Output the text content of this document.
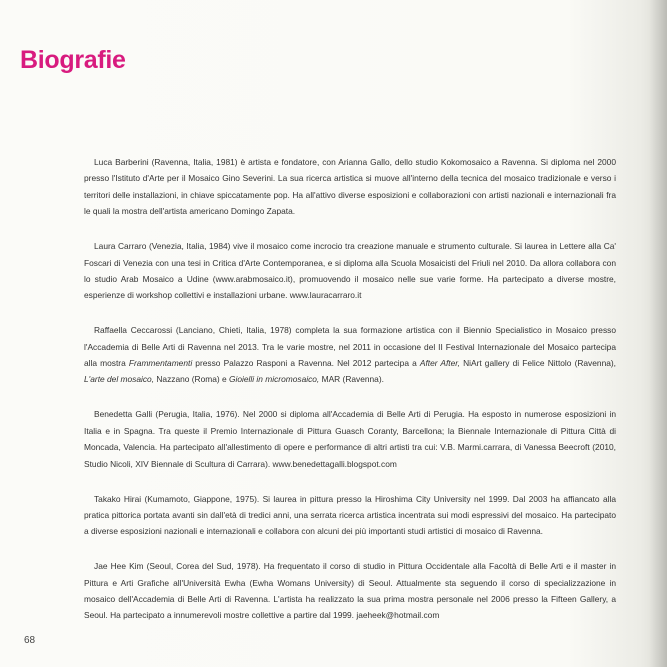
Biografie

Luca Barberini (Ravenna, Italia, 1981) è artista e fondatore, con Arianna Gallo, dello studio Kokomosaico a Ravenna. Si diploma nel 2000 presso l'Istituto d'Arte per il Mosaico Gino Severini. La sua ricerca artistica si muove all'interno della tecnica del mosaico tradizionale e verso i territori delle installazioni, in chiave spiccatamente pop. Ha all'attivo diverse esposizioni e collaborazioni con artisti nazionali e internazionali fra le quali la mostra dell'artista americano Domingo Zapata.

Laura Carraro (Venezia, Italia, 1984) vive il mosaico come incrocio tra creazione manuale e strumento culturale. Si laurea in Lettere alla Ca' Foscari di Venezia con una tesi in Critica d'Arte Contemporanea, e si diploma alla Scuola Mosaicisti del Friuli nel 2010. Da allora collabora con lo studio Arab Mosaico a Udine (www.arabmosaico.it), promuovendo il mosaico nelle sue varie forme. Ha partecipato a diverse mostre, esperienze di workshop collettivi e installazioni urbane. www.lauracarraro.it

Raffaella Ceccarossi (Lanciano, Chieti, Italia, 1978) completa la sua formazione artistica con il Biennio Specialistico in Mosaico presso l'Accademia di Belle Arti di Ravenna nel 2013. Tra le varie mostre, nel 2011 in occasione del II Festival Internazionale del Mosaico partecipa alla mostra Frammentamenti presso Palazzo Rasponi a Ravenna. Nel 2012 partecipa a After After, NiArt gallery di Felice Nittolo (Ravenna), L'arte del mosaico, Nazzano (Roma) e Gioielli in micromosaico, MAR (Ravenna).

Benedetta Galli (Perugia, Italia, 1976). Nel 2000 si diploma all'Accademia di Belle Arti di Perugia. Ha esposto in numerose esposizioni in Italia e in Spagna. Tra queste il Premio Internazionale di Pittura Guasch Coranty, Barcellona; la Biennale Internazionale di Pittura Città di Moncada, Valencia. Ha partecipato all'allestimento di opere e performance di altri artisti tra cui: V.B. Marmi.carrara, di Vanessa Beecroft (2010, Studio Nicoli, XIV Biennale di Scultura di Carrara). www.benedettagalli.blogspot.com

Takako Hirai (Kumamoto, Giappone, 1975). Si laurea in pittura presso la Hiroshima City University nel 1999. Dal 2003 ha affiancato alla pratica pittorica portata avanti sin dall'età di tredici anni, una serrata ricerca artistica incentrata sui modi espressivi del mosaico. Ha partecipato a diverse esposizioni nazionali e internazionali e collabora con alcuni dei più importanti studi artistici di mosaico di Ravenna.

Jae Hee Kim (Seoul, Corea del Sud, 1978). Ha frequentato il corso di studio in Pittura Occidentale alla Facoltà di Belle Arti e il master in Pittura e Arti Grafiche all'Università Ewha (Ewha Womans University) di Seoul. Attualmente sta seguendo il corso di specializzazione in mosaico dell'Accademia di Belle Arti di Ravenna. L'artista ha realizzato la sua prima mostra personale nel 2006 presso la Fifteen Gallery, a Seoul. Ha partecipato a innumerevoli mostre collettive a partire dal 1999. jaeheek@hotmail.com

68
